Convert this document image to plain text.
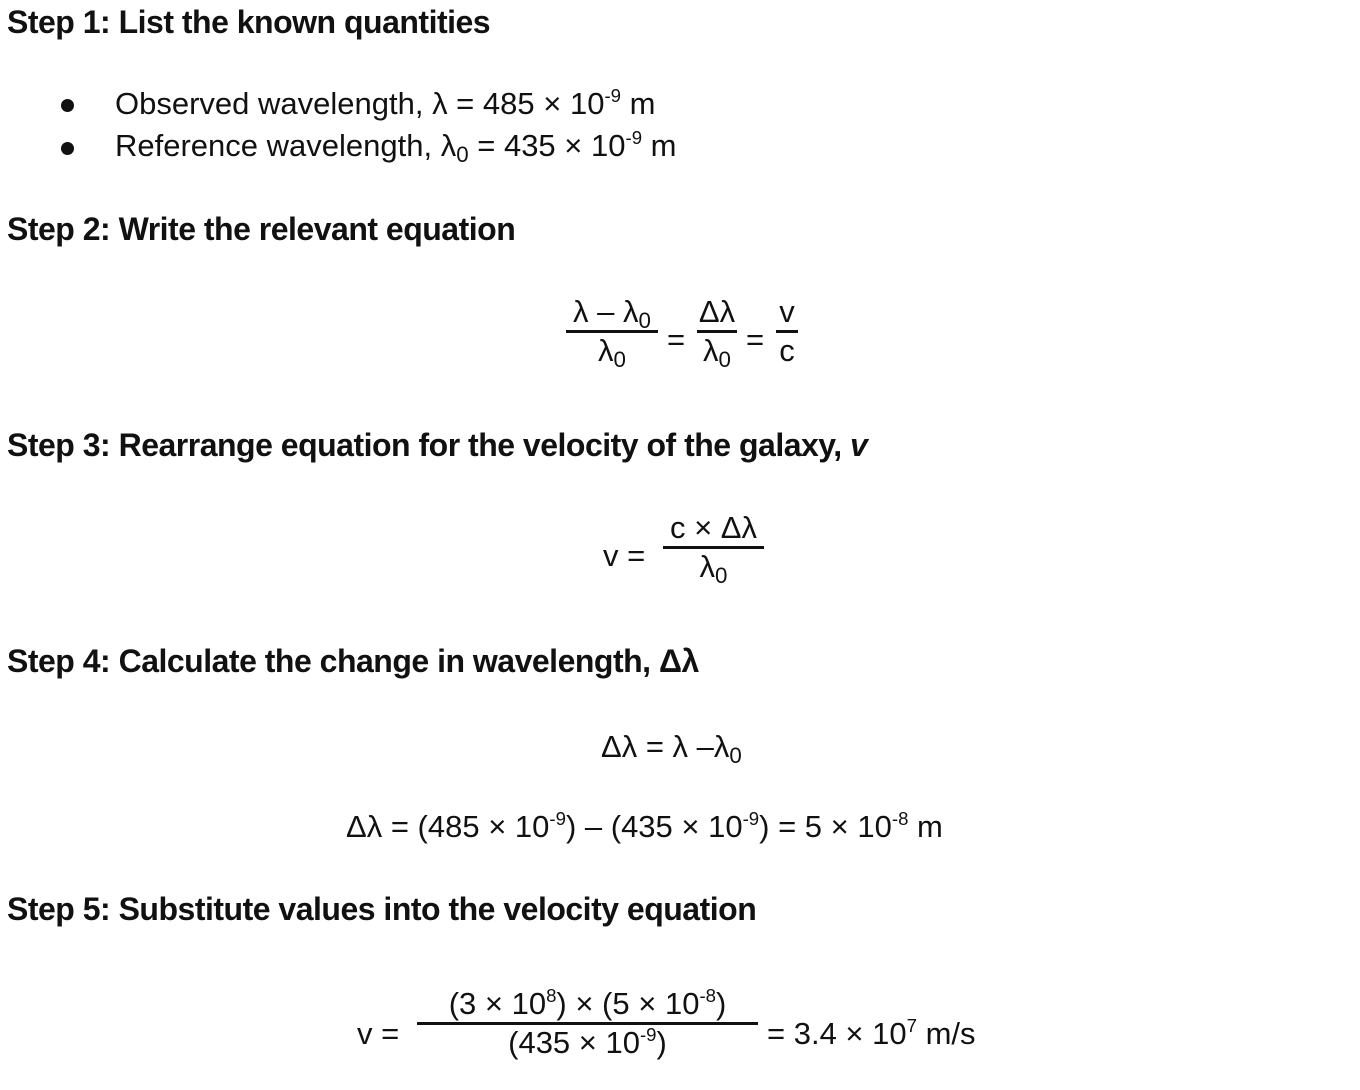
Step 1: List the known quantities
Observed wavelength, $\lambda = 485 \times 10^{-9}$ m
Reference wavelength, $\lambda_0 = 435 \times 10^{-9}$ m
Step 2: Write the relevant equation
λ – $\lambda_0$
$\lambda_0$
=
Δλ
$\lambda_0$
=
v
c
Step 3: Rearrange equation for the velocity of the galaxy, v
v =
c × Δλ
$\lambda_0$
Step 4: Calculate the change in wavelength, Δλ
Δλ = λ $-\lambda_0$
$\Delta\lambda = (485 \times 10^{-9}) - (435 \times 10^{-9}) = 5 \times 10^{-8}$ m
Step 5: Substitute values into the velocity equation
v =
$(3 \times 10^8) \times (5 \times 10^{-8})$
$(435 \times 10^{-9})$	= $3.4 \times 10^7$ m/s
